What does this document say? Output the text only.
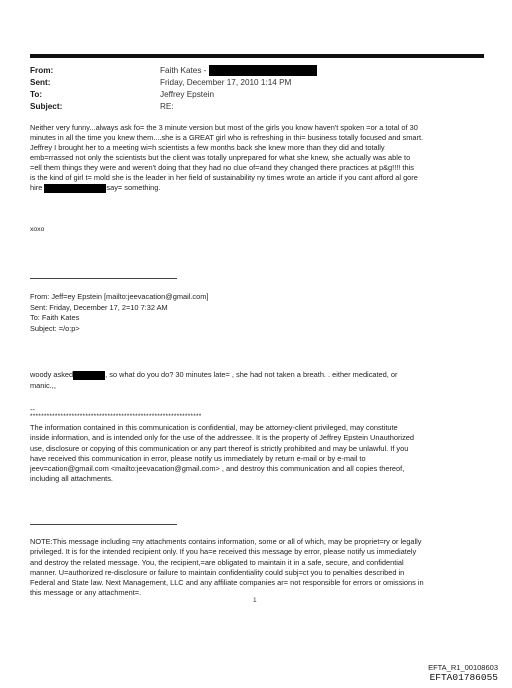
From:	Faith Kates -
Sent:	Friday, December 17, 2010 1:14 PM
To:	Jeffrey Epstein
Subject:	RE:
Neither very funny...always ask fo= the 3 minute version but most of the girls you know haven't spoken =or a total of 30
minutes in all the time you knew them....she is a GREAT girl who is refreshing in thi= business totally focused and smart.
Jeffrey I brought her to a meeting wi=h scientists a few months back she knew more than they did and totally
emb=rrassed not only the scientists but the client was totally unprepared for what she knew, she actually was able to
=ell them things they were and weren't doing that they had no clue of=and they changed there practices at p&g!!!! this
is the kind of girl t= mold she is the leader in her field of sustainability ny times wrote an article if you cant afford al gore
hire	say= something.
xoxo
From: Jeff=ey Epstein [mailto:jeevacation@gmail.com]
Sent: Friday, December 17, 2=10 7:32 AM
To: Faith Kates
Subject: =/o:p>
woody asked	, so what do you do? 30 minutes late= , she had not taken a breath. . either medicated, or
manic.,,
--
**************************************************************
The information contained in this communication is confidential, may be attorney-client privileged, may constitute
inside information, and is intended only for the use of the addressee. It is the property of Jeffrey Epstein Unauthorized
use, disclosure or copying of this communication or any part thereof is strictly prohibited and may be unlawful. If you
have received this communication in error, please notify us immediately by return e-mail or by e-mail to
jeev=cation@gmail.com <mailto:jeevacation@gmail.com> , and destroy this communication and all copies thereof,
including all attachments.
NOTE:This message including =ny attachments contains information, some or all of which, may be propriet=ry or legally
privileged. It is for the intended recipient only. If you ha=e received this message by error, please notify us immediately
and destroy the related message. You, the recipient,=are obligated to maintain it in a safe, secure, and confidential
manner. U=authorized re-disclosure or failure to maintain confidentiality could subj=ct you to penalties described in
Federal and State law. Next Management, LLC and any affiliate companies ar= not responsible for errors or omissions in
this message or any attachment=.
1
EFTA_R1_00108603
EFTA01786055
